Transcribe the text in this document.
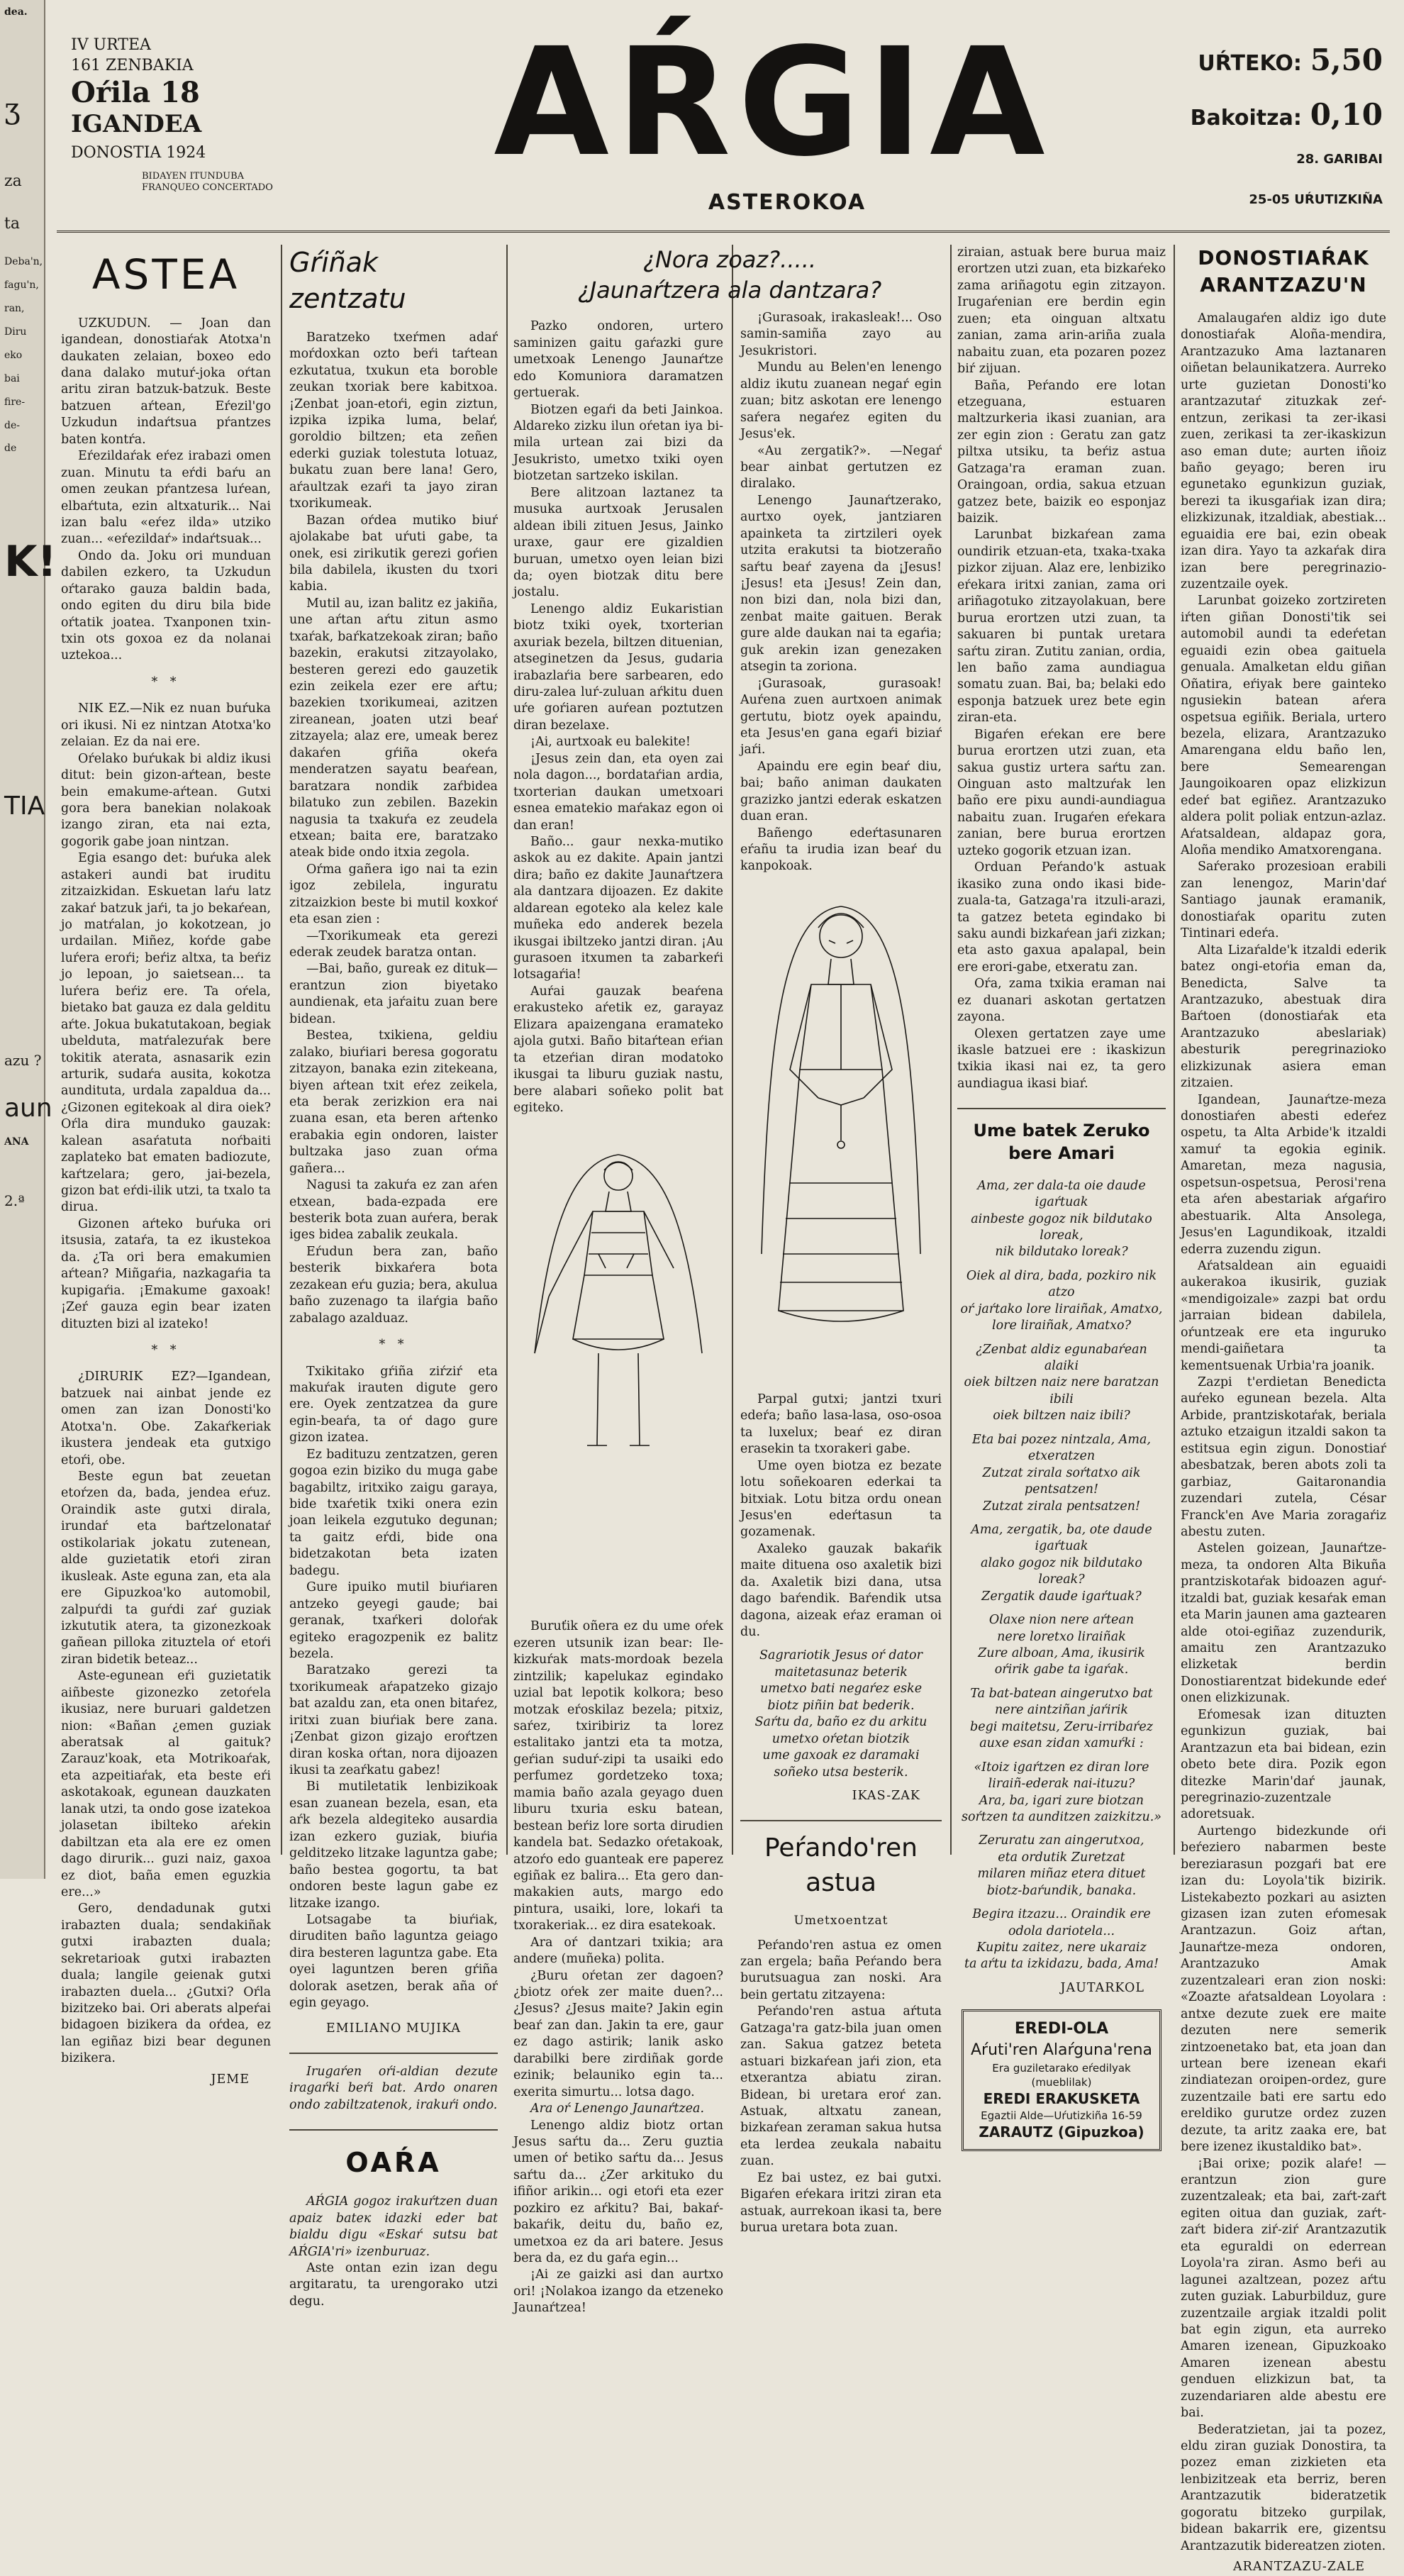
dea.
ʒ
za
ta
Deba'n,
fagu'n,
ran,
Diru
eko
bai
fire-
de-
de
K!
TIA
azu ?
aun
ANA
2.ª
IV URTEA
161 ZENBAKIA
Oŕila 18
IGANDEA
DONOSTIA 1924
BIDAYEN ITUNDUBA
FRANQUEO CONCERTADO	AŔGIA
ASTEROKOA
UŔTEKO: 5,50
Bakoitza: 0,10
28. GARIBAI
25-05 UŔUTIZKIÑA
ASTEA

UZKUDUN. — Joan dan igandean, donostiaŕak Atotxa'n daukaten zelaian, boxeo edo dana dalako mutuŕ-joka oŕtan aritu ziran batzuk-batzuk. Beste batzuen aŕtean, Eŕezil'go Uzkudun indaŕtsua pŕantzes baten kontŕa.

Eŕezildaŕak eŕez irabazi omen zuan. Minutu ta eŕdi baŕu an omen zeukan pŕantzesa luŕean, elbaŕtuta, ezin altxaturik... Nai izan balu «eŕez ilda» utziko zuan... «eŕezildaŕ» indaŕtsuak...

Ondo da. Joku ori munduan dabilen ezkero, ta Uzkudun oŕtarako gauza baldin bada, ondo egiten du diru bila bide oŕtatik joatea. Txanponen txin-txin ots goxoa ez da nolanai uztekoa...

* *

NIK EZ.—Nik ez nuan buŕuka ori ikusi. Ni ez nintzan Atotxa'ko zelaian. Ez da nai ere.

Oŕelako buŕukak bi aldiz ikusi ditut: bein gizon-aŕtean, beste bein emakume-aŕtean. Gutxi gora bera banekian nolakoak izango ziran, eta nai ezta, gogorik gabe joan nintzan.

Egia esango det: buŕuka alek astakeri aundi bat iruditu zitzaizkidan. Eskuetan laŕu latz zakaŕ batzuk jaŕi, ta jo bekaŕean, jo matŕalan, jo kokotzean, jo urdailan. Miñez, koŕde gabe luŕera eroŕi; beŕiz altxa, ta beŕiz jo lepoan, jo saietsean... ta luŕera beŕiz ere. Ta oŕela, bietako bat gauza ez dala gelditu aŕte. Jokua bukatutakoan, begiak ubelduta, matŕalezuŕak bere tokitik aterata, asnasarik ezin arturik, sudaŕa ausita, kokotza aundituta, urdala zapaldua da... ¿Gizonen egitekoak al dira oiek? Oŕla dira munduko gauzak: kalean asaŕatuta noŕbaiti zaplateko bat ematen badiozute, kaŕtzelara; gero, jai-bezela, gizon bat eŕdi-ilik utzi, ta txalo ta dirua.

Gizonen aŕteko buŕuka ori itsusia, zataŕa, ta ez ikustekoa da. ¿Ta ori bera emakumien aŕtean? Miñgaŕia, nazkagaŕia ta kupigaŕia. ¡Emakume gaxoak! ¡Zeŕ gauza egin bear izaten dituzten bizi al izateko!

* *

¿DIRURIK EZ?—Igandean, batzuek nai ainbat jende ez omen zan izan Donosti'ko Atotxa'n. Obe. Zakaŕkeriak ikustera jendeak eta gutxigo etoŕi, obe.

Beste egun bat zeuetan etoŕzen da, bada, jendea eŕuz. Oraindik aste gutxi dirala, irundaŕ eta baŕtzelonataŕ ostikolariak jokatu zutenean, alde guzietatik etoŕi ziran ikusleak. Aste eguna zan, eta ala ere Gipuzkoa'ko automobil, zalpuŕdi ta guŕdi zaŕ guziak izkututik atera, ta gizonezkoak gañean pilloka zituztela oŕ etoŕi ziran bidetik beteaz...

Aste-egunean eŕi guzietatik aiñbeste gizonezko zetoŕela ikusiaz, nere buruari galdetzen nion: «Bañan ¿emen guziak aberatsak al gaituk? Zarauz'koak, eta Motrikoaŕak, eta azpeitiaŕak, eta beste eŕi askotakoak, egunean dauzkaten lanak utzi, ta ondo gose izatekoa jolasetan ibilteko aŕekin dabiltzan eta ala ere ez omen dago dirurik... guzi naiz, gaxoa ez diot, baña emen eguzkia ere...»

Gero, dendadunak gutxi irabazten duala; sendakiñak gutxi irabazten duala; sekretarioak gutxi irabazten duala; langile geienak gutxi irabazten duela... ¿Gutxi? Oŕla bizitzeko bai. Ori aberats alpeŕai bidagoen bizikera da oŕdea, ez lan egiñaz bizi bear degunen bizikera.

JEME
Gŕiñak zentzatu

Baratzeko txeŕmen adaŕ moŕdoxkan ozto beŕi taŕtean ezkutatua, txukun eta boroble zeukan txoriak bere kabitxoa. ¡Zenbat joan-etoŕi, egin ziztun, izpika izpika luma, belaŕ, goroldio biltzen; eta zeñen ederki guziak tolestuta lotuaz, bukatu zuan bere lana! Gero, aŕaultzak ezaŕi ta jayo ziran txorikumeak.

Bazan oŕdea mutiko biuŕ ajolakabe bat uŕuti gabe, ta onek, esi zirikutik gerezi goŕien bila dabilela, ikusten du txori kabia.

Mutil au, izan balitz ez jakiña, une aŕtan aŕtu zitun asmo txaŕak, baŕkatzekoak ziran; baño bazekin, erakutsi zitzayolako, besteren gerezi edo gauzetik ezin zeikela ezer ere aŕtu; bazekien txorikumeai, azitzen zireanean, joaten utzi beaŕ zitzayela; alaz ere, umeak berez dakaŕen gŕiña okeŕa menderatzen sayatu beaŕean, baratzara nondik zaŕbidea bilatuko zun zebilen. Bazekin nagusia ta txakuŕa ez zeudela etxean; baita ere, baratzako ateak bide ondo itxia zegola.

Oŕma gañera igo nai ta ezin igoz zebilela, inguratu zitzaizkion beste bi mutil koxkoŕ eta esan zien :

—Txorikumeak eta gerezi ederak zeudek baratza ontan.

—Bai, baño, gureak ez dituk—erantzun zion biyetako aundienak, eta jaŕaitu zuan bere bidean.

Bestea, txikiena, geldiu zalako, biuŕiari beresa gogoratu zitzayon, banaka ezin zitekeana, biyen aŕtean txit eŕez zeikela, eta berak zerizkion era nai zuana esan, eta beren aŕtenko erabakia egin ondoren, laister bultzaka jaso zuan oŕma gañera...

Nagusi ta zakuŕa ez zan aŕen etxean, bada-ezpada ere besterik bota zuan auŕera, berak iges bidea zabalik zeukala.

Eŕudun bera zan, baño besterik bixkaŕera bota zezakean eŕu guzia; bera, akulua baño zuzenago ta ilaŕgia baño zabalago azalduaz.

* *

Txikitako gŕiña ziŕziŕ eta makuŕak irauten digute gero ere. Oyek zentzatzea da gure egin-beaŕa, ta oŕ dago gure gizon izatea.

Ez badituzu zentzatzen, geren gogoa ezin biziko du muga gabe bagabiltz, iritxiko zaigu garaya, bide txaŕetik txiki onera ezin joan leikela ezgutuko degunan; ta gaitz eŕdi, bide ona bidetzakotan beta izaten badegu.

Gure ipuiko mutil biuŕiaren antzeko geyegi gaude; bai geranak, txaŕkeri doloŕak egiteko eragozpenik ez balitz bezela.

Baratzako gerezi ta txorikumeak aŕapatzeko gizajo bat azaldu zan, eta onen bitaŕez, iritxi zuan biuŕiak bere zana. ¡Zenbat gizon gizajo eroŕtzen diran koska oŕtan, nora dijoazen ikusi ta zeaŕkatu gabez!

Bi mutiletatik lenbizikoak esan zuanean bezela, esan, eta aŕk bezela aldegiteko ausardia izan ezkero guziak, biuŕia gelditzeko litzake laguntza gabe; baño bestea gogortu, ta bat ondoren beste lagun gabe ez litzake izango.

Lotsagabe ta biuŕiak, diruditen baño laguntza geiago dira besteren laguntza gabe. Eta oyei laguntzen beren gŕiña dolorak asetzen, berak aña oŕ egin geyago.

EMILIANO MUJIKA

Irugaŕen oŕi-aldian dezute iragaŕki beŕi bat. Ardo onaren ondo zabiltzatenok, irakuŕi ondo.

OAŔA

AŔGIA gogoz irakuŕtzen duan apaiz bateк idazki eder bat bialdu digu «Eskaŕ sutsu bat AŔGIA'ri» izenburuaz.

Aste ontan ezin izan degu argitaratu, ta urengorako utzi degu.

¿Nora zoaz?.....
¿Jaunaŕtzera ala dantzara?

Pazko ondoren, urtero saminizen gaitu gaŕazki gure umetxoak Lenengo Jaunaŕtze edo Komuniora daramatzen gertuerak.

Biotzen egaŕi da beti Jainkoa. Aldareko zizku ilun oŕetan iya bi-mila urtean zai bizi da Jesukristo, umetxo txiki oyen biotzetan sartzeko iskilan.

Bere alitzoan laztanez ta musuka aurtxoak Jerusalen aldean ibili zituen Jesus, Jainko uraxe, gaur ere gizaldien buruan, umetxo oyen leian bizi da; oyen biotzak ditu bere jostalu.

Lenengo aldiz Eukaristian biotz txiki oyek, txorterian axuriak bezela, biltzen dituenian, atseginetzen da Jesus, gudaria irabazlaŕia bere sarbearen, edo diru-zalea luŕ-zuluan aŕkitu duen uŕe goŕiaren auŕean poztutzen diran bezelaxe.

¡Ai, aurtxoak eu balekite!

¡Jesus zein dan, eta oyen zai nola dagon..., bordataŕian ardia, txorterian daukan umetxoari esnea ematekio maŕakaz egon oi dan eran!

Baño... gaur nexka-mutiko askok au ez dakite. Apain jantzi dira; baño ez dakite Jaunaŕtzera ala dantzara dijoazen. Ez dakite aldarean egoteko ala kelez kale muñeka edo anderek bezela ikusgai ibiltzeko jantzi diran. ¡Au gurasoen itxumen ta zabarkeŕi lotsagaŕia!

Auŕai gauzak beaŕena erakusteko aŕetik ez, garayaz Elizara apaizengana eramateko ajola gutxi. Baño bitaŕtean eŕian ta etzeŕian diran modatoko ikusgai ta liburu guziak nastu, bere alabari soñeko polit bat egiteko.

Buruťik oñera ez du ume oŕek ezeren utsunik izan bear: Ile-kizkuŕak mats-mordoak bezela zintzilik; kapelukaz egindako uzial bat lepotik kolkora; beso motzak eŕoskilaz bezela; pitxiz, saŕez, txiribiriz ta lorez estalitako jantzi eta ta motza, geŕian suduŕ-zipi ta usaiki edo perfumez gordetzeko toxa; mamia baño azala geyago duen liburu txuria esku batean, bestean beŕiz lore sorta dirudien kandela bat. Sedazko oŕetakoak, atzoŕo edo guanteak ere paperez egiñak ez balira... Eta gero dan-makakien auts, margo edo pintura, usaiki, lore, lokaŕi ta txorakeriak... ez dira esatekoak.

Ara oŕ dantzari txikia; ara andere (muñeka) polita.

¿Buru oŕetan zer dagoen? ¿biotz oŕek zer maite duen?... ¿Jesus? ¿Jesus maite? Jakin egin beaŕ zan dan. Jakin ta ere, gaur ez dago astirik; lanik asko darabilki bere zirdiñak gorde ezinik; belauniko egin ta... exerita simurtu... lotsa dago.

Ara oŕ Lenengo Jaunaŕtzea.

Lenengo aldiz biotz ortan Jesus saŕtu da... Zeru guztia umen oŕ betiko saŕtu da... Jesus saŕtu da... ¿Zer arkituko du ifiñor arikin... ogi etoŕi eta ezer pozkiro ez aŕkitu? Bai, bakaŕ-bakaŕik, deitu du, baño ez, umetxoa ez da ari batere. Jesus bera da, ez du gaŕa egin...

¡Ai ze gaizki asi dan aurtxo ori! ¡Nolakoa izango da etzeneko Jaunaŕtzea!

¡Gurasoak, irakasleak!... Oso samin-samiña zayo au Jesukristori.

Mundu au Belen'en lenengo aldiz ikutu zuanean negaŕ egin zuan; bitz askotan ere lenengo saŕera negaŕez egiten du Jesus'ek.

«Au zergatik?». —Negaŕ bear ainbat gertutzen ez diralako.

Lenengo Jaunaŕtzerako, aurtxo oyek, jantziaren apainketa ta zirtzileri oyek utzita erakutsi ta biotzeraño saŕtu beaŕ zayena da ¡Jesus! ¡Jesus! eta ¡Jesus! Zein dan, non bizi dan, nola bizi dan, zenbat maite gaituen. Berak gure alde daukan nai ta egaŕia; guk arekin izan genezaken atsegin ta zoriona.

¡Gurasoak, gurasoak! Auŕena zuen aurtxoen animak gertutu, biotz oyek apaindu, eta Jesus'en gana egaŕi biziaŕ jaŕi.

Apaindu ere egin beaŕ diu, bai; baño animan daukaten grazizko jantzi ederak eskatzen duan eran.

Bañengo edeŕtasunaren eŕañu ta irudia izan beaŕ du kanpokoak.

Parpal gutxi; jantzi txuri edeŕa; baño lasa-lasa, oso-osoa ta luxelux; beaŕ ez diran erasekin ta txorakeri gabe.

Ume oyen biotza ez bezate lotu soñekoaren ederkai ta bitxiak. Lotu bitza ordu onean Jesus'en edeŕtasun ta gozamenak.

Axaleko gauzak bakaŕik maite dituena oso axaletik bizi da. Axaletik bizi dana, utsa dago baŕendik. Baŕendik utsa dagona, aizeak eŕaz eraman oi du.

Sagrariotik Jesus oŕ dator
maitetasunaz beterik
umetxo bati negaŕez eske
biotz piñin bat bederik.
Saŕtu da, baño ez du arkitu
umetxo oŕetan biotzik
ume gaxoak ez daramaki
soñeko utsa besterik.
IKAS-ZAK
Peŕando'ren astua
Umetxoentzat

Peŕando'ren astua ez omen zan ergela; baña Peŕando bera burutsuagua zan noski. Ara bein gertatu zitzayena:

Peŕando'ren astua aŕtuta Gatzaga'ra gatz-bila juan omen zan. Sakua gatzez beteta astuari bizkaŕean jaŕi zion, eta etxerantza abiatu ziran. Bidean, bi uretara eroŕ zan. Astuak, altxatu zanean, bizkaŕean zeraman sakua hutsa eta lerdea zeukala nabaitu zuan.

Ez bai ustez, ez bai gutxi. Bigaŕen eŕekara iritzi ziran eta astuak, aurrekoan ikasi ta, bere burua uretara bota zuan.

ziraian, astuak bere burua maiz erortzen utzi zuan, eta bizkaŕeko zama ariñagotu egin zitzayon. Irugaŕenian ere berdin egin zuen; eta oinguan altxatu zanian, zama arin-ariña zuala nabaitu zuan, eta pozaren pozez biŕ zijuan.

Baña, Peŕando ere lotan etzeguana, estuaren maltzurkeria ikasi zuanian, ara zer egin zion : Geratu zan gatz piltxa utsiku, ta beŕiz astua Gatzaga'ra eraman zuan. Oraingoan, ordia, sakua etzuan gatzez bete, baizik eo esponjaz baizik.

Larunbat bizkaŕean zama oundirik etzuan-eta, txaka-txaka pizkor zijuan. Alaz ere, lenbiziko eŕekara iritxi zanian, zama ori ariñagotuko zitzayolakuan, bere burua erortzen utzi zuan, ta sakuaren bi puntak uretara saŕtu ziran. Zutitu zanian, ordia, len baño zama aundiagua somatu zuan. Bai, ba; belaki edo esponja batzuek urez bete egin ziran-eta.

Bigaŕen eŕekan ere bere burua erortzen utzi zuan, eta sakua gustiz urtera saŕtu zan. Oinguan asto maltzuŕak len baño ere pixu aundi-aundiagua nabaitu zuan. Irugaŕen eŕekara zanian, bere burua erortzen uzteko gogorik etzuan izan.

Orduan Peŕando'k astuak ikasiko zuna ondo ikasi bide-zuala-ta, Gatzaga'ra itzuli-arazi, ta gatzez beteta egindako bi saku aundi bizkaŕean jaŕi zizkan; eta asto gaxua apalapal, bein ere erori-gabe, etxeratu zan.

Oŕa, zama txikia eraman nai ez duanari askotan gertatzen zayona.

Olexen gertatzen zaye ume ikasle batzuei ere : ikaskizun txikia ikasi nai ez, ta gero aundiagua ikasi biaŕ.

Ume batek Zeruko bere Amari
Ama, zer dala-ta oie daude igaŕtuak
ainbeste gogoz nik bildutako loreak,
nik bildutako loreak?
Oiek al dira, bada, pozkiro nik atzo
oŕ jaŕtako lore liraiñak, Amatxo,
lore liraiñak, Amatxo?
¿Zenbat aldiz egunabaŕean alaiki
oiek biltzen naiz nere baratzan ibili
oiek biltzen naiz ibili?
Eta bai pozez nintzala, Ama, etxeratzen
Zutzat zirala soŕtatxo aik pentsatzen!
Zutzat zirala pentsatzen!
Ama, zergatik, ba, ote daude igaŕtuak
alako gogoz nik bildutako loreak?
Zergatik daude igaŕtuak?
Olaxe nion nere aŕtean
nere loretxo liraiñak
Zure alboan, Ama, ikusirik
oŕirik gabe ta igaŕak.
Ta bat-batean aingerutxo bat
nere aintziñan jaŕirik
begi maitetsu, Zeru-irribaŕez
auxe esan zidan xamuŕki :
«Itoiz igaŕtzen ez diran lore
liraiñ-ederak nai-ituzu?
Ara, ba, igari zure biotzan
soŕtzen ta aunditzen zaizkitzu.»
Zeruratu zan aingerutxoa,
eta ordutik Zuretzat
milaren miñaz etera dituet
biotz-baŕundik, banaka.
Begira itzazu... Oraindik ere
odola dariotela...
Kupitu zaitez, nere ukaraiz
ta aŕtu ta izkidazu, bada, Ama!
JAUTARKOL
EREDI-OLA
Aŕuti'ren Alaŕguna'rena
Era guziletarako eŕedilyak (mueblilak)
EREDI ERAKUSKETA
Egaztii Alde—Uŕutizkiña 16-59
ZARAUTZ (Gipuzkoa)
DONOSTIAŔAK ARANTZAZU'N

Amalaugaŕen aldiz igo dute donostiaŕak Aloña-mendira, Arantzazuko Ama laztanaren oiñetan belaunikatzera. Aurreko urte guzietan Donosti'ko arantzazutaŕ zituzkak zeŕ-entzun, zerikasi ta zer-ikasi zuen, zerikasi ta zer-ikaskizun aso eman dute; aurten iñoiz baño geyago; beren iru egunetako egunkizun guziak, berezi ta ikusgaŕiak izan dira; elizkizunak, itzaldiak, abestiak... eguaidia ere bai, ezin obeak izan dira. Yayo ta azkaŕak dira izan bere peregrinazio-zuzentzaile oyek.

Larunbat goizeko zortzireten iŕten giñan Donosti'tik sei automobil aundi ta edeŕetan eguaidi ezin obea gaituela genuala. Amalketan eldu giñan Oñatira, eŕiyak bere gainteko ngusiekin batean aŕera ospetsua egiñik. Beriala, urtero bezela, elizara, Arantzazuko Amarengana eldu baño len, bere Semearengan Jaungoikoaren opaz elizkizun edeŕ bat egiñez. Arantzazuko aldera polit poliak entzun-azlaz. Aŕatsaldean, aldapaz gora, Aloña mendiko Amatxorengana.

Saŕerako prozesioan erabili zan lenengoz, Marin'daŕ Santiago jaunak eramanik, donostiaŕak oparitu zuten Tintinari edeŕa.

Alta Lizaŕalde'k itzaldi ederik batez ongi-etoŕia eman da, Benedicta, Salve ta Arantzazuko, abestuak dira Baŕtoen (donostiaŕak eta Arantzazuko abeslariak) abesturik peregrinazioko elizkizunak asiera eman zitzaien.

Igandean, Jaunaŕtze-meza donostiaŕen abesti edeŕez ospetu, ta Alta Arbide'k itzaldi xamuŕ ta egokia eginik. Amaretan, meza nagusia, ospetsun-ospetsua, Perosi'rena eta aŕen abestariak aŕgaŕiro abestuarik. Alta Ansolega, Jesus'en Lagundikoak, itzaldi ederra zuzendu zigun.

Aŕatsaldean ain eguaidi aukerakoa ikusirik, guziak «mendigoizale» zazpi bat ordu jarraian bidean dabilela, oŕuntzeak ere eta inguruko mendi-gaiñetara ta kementsuenak Urbia'ra joanik.

Zazpi t'erdietan Benedicta auŕeko egunean bezela. Alta Arbide, prantziskotaŕak, beriala aztuko etzaigun itzaldi sakon ta estitsua egin zigun. Donostiaŕ abesbatzak, beren abots zoli ta garbiaz, Gaitaronandia zuzendari zutela, César Franck'en Ave Maria zoragaŕiz abestu zuten.

Astelen goizean, Jaunaŕtze-meza, ta ondoren Alta Bikuña prantziskotaŕak bidoazen aguŕ-itzaldi bat, guziak kesaŕak eman eta Marin jaunen ama gaztearen alde otoi-egiñaz zuzendurik, amaitu zen Arantzazuko elizketak berdin Donostiarentzat bidekunde edeŕ onen elizkizunak.

Eŕomesak izan dituzten egunkizun guziak, bai Arantzazun eta bai bidean, ezin obeto bete dira. Pozik egon ditezke Marin'daŕ jaunak, peregrinazio-zuzentzale adoretsuak.

Aurtengo bidezkunde oŕi beŕeziero nabarmen beste bereziarasun pozgaŕi bat ere izan du: Loyola'tik bizirik. Listekabezto pozkari au asizten gizasen izan zuten eŕomesak Arantzazun. Goiz aŕtan, Jaunaŕtze-meza ondoren, Arantzazuko Amak zuzentzaleari eran zion noski: «Zoazte aŕatsaldean Loyolara : antxe dezute zuek ere maite dezuten nere semerik zintzoenetako bat, eta joan dan urtean bere izenean ekaŕi zindiatezan oroipen-ordez, gure zuzentzaile bati ere sartu edo ereldiko gurutze ordez zuzen dezute, ta aritz zaaka ere, bat bere izenez ikustaldiko bat».

¡Bai orixe; pozik alaŕe! —erantzun zion gure zuzentzaleak; eta bai, zaŕt-zaŕt egiten oitua dan guziak, zaŕt-zaŕt bidera ziŕ-ziŕ Arantzazutik eta eguraldi on ederrean Loyola'ra ziran. Asmo beŕi au lagunei azaltzean, pozez aŕtu zuten guziak. Laburbilduz, gure zuzentzaile argiak itzaldi polit bat egin zigun, eta aurreko Amaren izenean, Gipuzkoako Amaren izenean abestu genduen elizkizun bat, ta zuzendariaren alde abestu ere bai.

Bederatzietan, jai ta pozez, eldu ziran guziak Donostira, ta pozez eman zizkieten eta lenbizitzeak eta berriz, beren Arantzazutik bideratzetik gogoratu bitzeko gurpilak, bidean bakarrik ere, gizentsu Arantzazutik bidereatzen zioten.

ARANTZAZU-ZALE
